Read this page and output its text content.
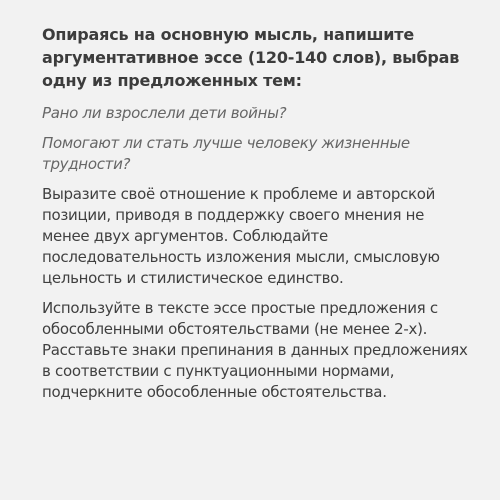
Опираясь на основную мысль, напишите аргументативное эссе (120-140 слов), выбрав одну из предложенных тем:

Рано ли взрослели дети войны?

Помогают ли стать лучше человеку жизненные трудности?

Выразите своё отношение к проблеме и авторской позиции, приводя в поддержку своего мнения не менее двух аргументов. Соблюдайте последовательность изложения мысли, смысловую цельность и стилистическое единство.

Используйте в тексте эссе простые предложения с обособленными обстоятельствами (не менее 2-х). Расставьте знаки препинания в данных предложениях в соответствии с пунктуационными нормами, подчеркните обособленные обстоятельства.
